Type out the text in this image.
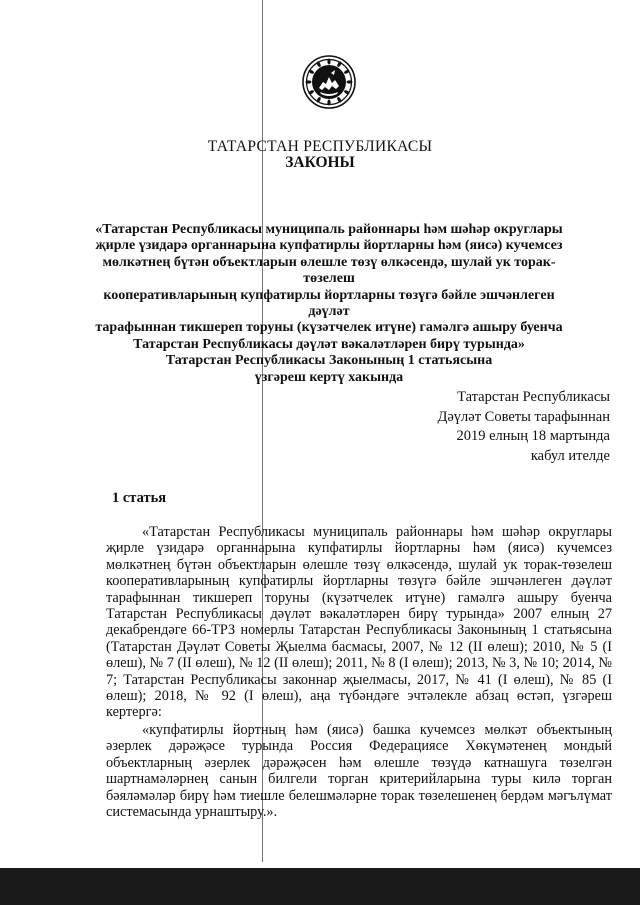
ТАТАРСТАН РЕСПУБЛИКАСЫ
ЗАКОНЫ
«Татарстан Республикасы муниципаль районнары һәм шәһәр округлары
җирле үзидарә органнарына купфатирлы йортларны һәм (яисә) кучемсез
мөлкәтнең бүтән объектларын өлешле төзү өлкәсендә, шулай ук торак-төзелеш
кооперативларының купфатирлы йортларны төзүгә бәйле эшчәнлеген дәүләт
тарафыннан тикшереп торуны (күзәтчелек итүне) гамәлгә ашыру буенча
Татарстан Республикасы дәүләт вәкаләтләрен бирү турында»
Татарстан Республикасы Законының 1 статьясына
үзгәреш кертү хакында
Татарстан Республикасы
Дәүләт Советы тарафыннан
2019 елның 18 мартында
кабул ителде
1 статья

«Татарстан Республикасы муниципаль районнары һәм шәһәр округлары җирле үзидарә органнарына купфатирлы йортларны һәм (яисә) кучемсез мөлкәтнең бүтән объектларын өлешле төзү өлкәсендә, шулай ук торак-төзелеш кооперативларының купфатирлы йортларны төзүгә бәйле эшчәнлеген дәүләт тарафыннан тикшереп торуны (күзәтчелек итүне) гамәлгә ашыру буенча Татарстан Республикасы дәүләт вәкаләтләрен бирү турында» 2007 елның 27 декабрендәге 66-ТРЗ номерлы Татарстан Республикасы Законының 1 статьясына (Татарстан Дәүләт Советы Җыелма басмасы, 2007, № 12 (II өлеш); 2010, № 5 (I өлеш), № 7 (II өлеш), № 12 (II өлеш); 2011, № 8 (I өлеш); 2013, № 3, № 10; 2014, № 7; Татарстан Республикасы законнар җыелмасы, 2017, № 41 (I өлеш), № 85 (I өлеш); 2018, № 92 (I өлеш), аңа түбәндәге эчтәлекле абзац өстәп, үзгәреш кертергә:

«купфатирлы йортның һәм (яисә) башка кучемсез мөлкәт объектының әзерлек дәрәҗәсе турында Россия Федерациясе Хөкүмәтенең мондый объектларның әзерлек дәрәҗәсен һәм өлешле төзүдә катнашуга төзелгән шартнамәләрнең санын билгели торган критерийларына туры килә торган бәяләмәләр бирү һәм тиешле белешмәләрне торак төзелешенең бердәм мәгълүмат системасында урнаштыру.».
